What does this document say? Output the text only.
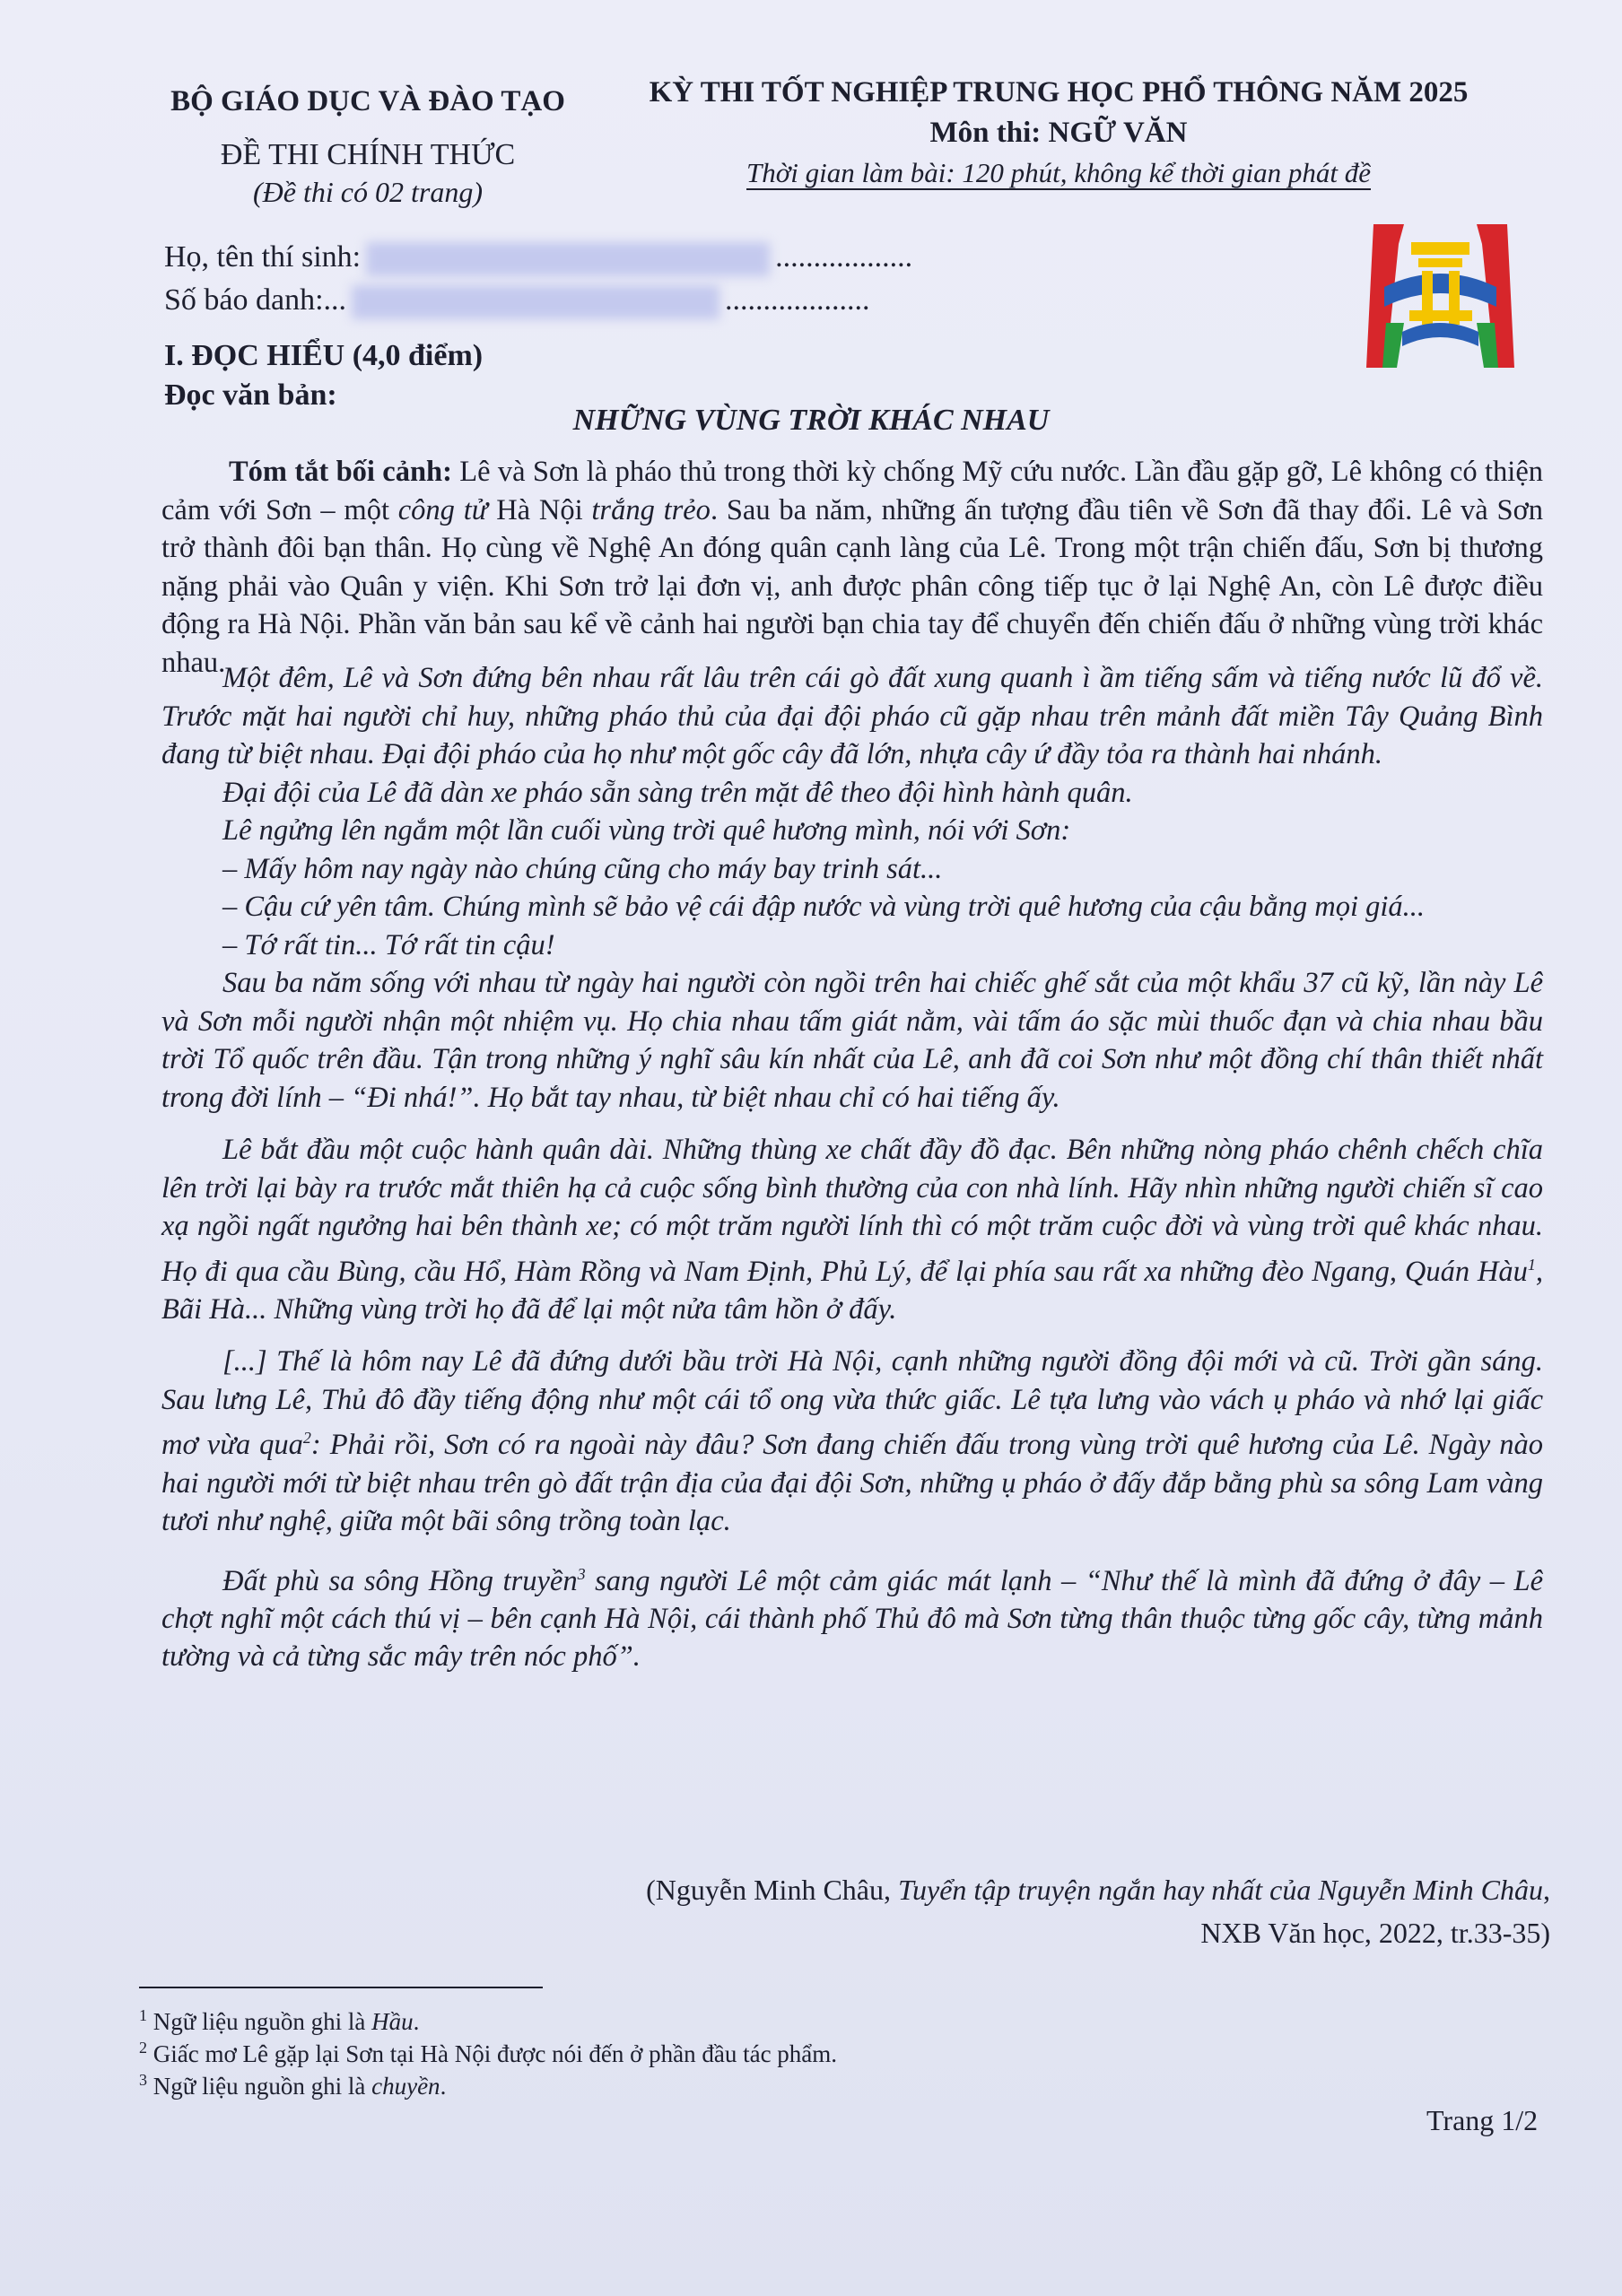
BỘ GIÁO DỤC VÀ ĐÀO TẠO
ĐỀ THI CHÍNH THỨC
(Đề thi có 02 trang)
KỲ THI TỐT NGHIỆP TRUNG HỌC PHỔ THÔNG NĂM 2025
Môn thi: NGỮ VĂN
Thời gian làm bài: 120 phút, không kể thời gian phát đề
Họ, tên thí sinh:	..................
Số báo danh:...	...................
I. ĐỌC HIỂU (4,0 điểm)
Đọc văn bản:
NHỮNG VÙNG TRỜI KHÁC NHAU

Tóm tắt bối cảnh: Lê và Sơn là pháo thủ trong thời kỳ chống Mỹ cứu nước. Lần đầu gặp gỡ, Lê không có thiện cảm với Sơn – một công tử Hà Nội trắng trẻo. Sau ba năm, những ấn tượng đầu tiên về Sơn đã thay đổi. Lê và Sơn trở thành đôi bạn thân. Họ cùng về Nghệ An đóng quân cạnh làng của Lê. Trong một trận chiến đấu, Sơn bị thương nặng phải vào Quân y viện. Khi Sơn trở lại đơn vị, anh được phân công tiếp tục ở lại Nghệ An, còn Lê được điều động ra Hà Nội. Phần văn bản sau kể về cảnh hai người bạn chia tay để chuyển đến chiến đấu ở những vùng trời khác nhau.

Một đêm, Lê và Sơn đứng bên nhau rất lâu trên cái gò đất xung quanh ì ầm tiếng sấm và tiếng nước lũ đổ về. Trước mặt hai người chỉ huy, những pháo thủ của đại đội pháo cũ gặp nhau trên mảnh đất miền Tây Quảng Bình đang từ biệt nhau. Đại đội pháo của họ như một gốc cây đã lớn, nhựa cây ứ đầy tỏa ra thành hai nhánh.

Đại đội của Lê đã dàn xe pháo sẵn sàng trên mặt đê theo đội hình hành quân.

Lê ngửng lên ngắm một lần cuối vùng trời quê hương mình, nói với Sơn:

– Mấy hôm nay ngày nào chúng cũng cho máy bay trinh sát...

– Cậu cứ yên tâm. Chúng mình sẽ bảo vệ cái đập nước và vùng trời quê hương của cậu bằng mọi giá...

– Tớ rất tin... Tớ rất tin cậu!

Sau ba năm sống với nhau từ ngày hai người còn ngồi trên hai chiếc ghế sắt của một khẩu 37 cũ kỹ, lần này Lê và Sơn mỗi người nhận một nhiệm vụ. Họ chia nhau tấm giát nằm, vài tấm áo sặc mùi thuốc đạn và chia nhau bầu trời Tổ quốc trên đầu. Tận trong những ý nghĩ sâu kín nhất của Lê, anh đã coi Sơn như một đồng chí thân thiết nhất trong đời lính – “Đi nhá!”. Họ bắt tay nhau, từ biệt nhau chỉ có hai tiếng ấy.

Lê bắt đầu một cuộc hành quân dài. Những thùng xe chất đầy đồ đạc. Bên những nòng pháo chênh chếch chĩa lên trời lại bày ra trước mắt thiên hạ cả cuộc sống bình thường của con nhà lính. Hãy nhìn những người chiến sĩ cao xạ ngồi ngất ngưởng hai bên thành xe; có một trăm người lính thì có một trăm cuộc đời và vùng trời quê khác nhau. Họ đi qua cầu Bùng, cầu Hổ, Hàm Rồng và Nam Định, Phủ Lý, để lại phía sau rất xa những đèo Ngang, Quán Hàu$^1$, Bãi Hà... Những vùng trời họ đã để lại một nửa tâm hồn ở đấy.

[...] Thế là hôm nay Lê đã đứng dưới bầu trời Hà Nội, cạnh những người đồng đội mới và cũ. Trời gần sáng. Sau lưng Lê, Thủ đô đầy tiếng động như một cái tổ ong vừa thức giấc. Lê tựa lưng vào vách ụ pháo và nhớ lại giấc mơ vừa qua$^2$: Phải rồi, Sơn có ra ngoài này đâu? Sơn đang chiến đấu trong vùng trời quê hương của Lê. Ngày nào hai người mới từ biệt nhau trên gò đất trận địa của đại đội Sơn, những ụ pháo ở đấy đắp bằng phù sa sông Lam vàng tươi như nghệ, giữa một bãi sông trồng toàn lạc.

Đất phù sa sông Hồng truyền$^3$ sang người Lê một cảm giác mát lạnh – “Như thế là mình đã đứng ở đây – Lê chợt nghĩ một cách thú vị – bên cạnh Hà Nội, cái thành phố Thủ đô mà Sơn từng thân thuộc từng gốc cây, từng mảnh tường và cả từng sắc mây trên nóc phố”.

(Nguyễn Minh Châu, Tuyển tập truyện ngắn hay nhất của Nguyễn Minh Châu,
NXB Văn học, 2022, tr.33-35)
$^1$ Ngữ liệu nguồn ghi là Hầu.
$^2$ Giấc mơ Lê gặp lại Sơn tại Hà Nội được nói đến ở phần đầu tác phẩm.
$^3$ Ngữ liệu nguồn ghi là chuyền.
Trang 1/2
